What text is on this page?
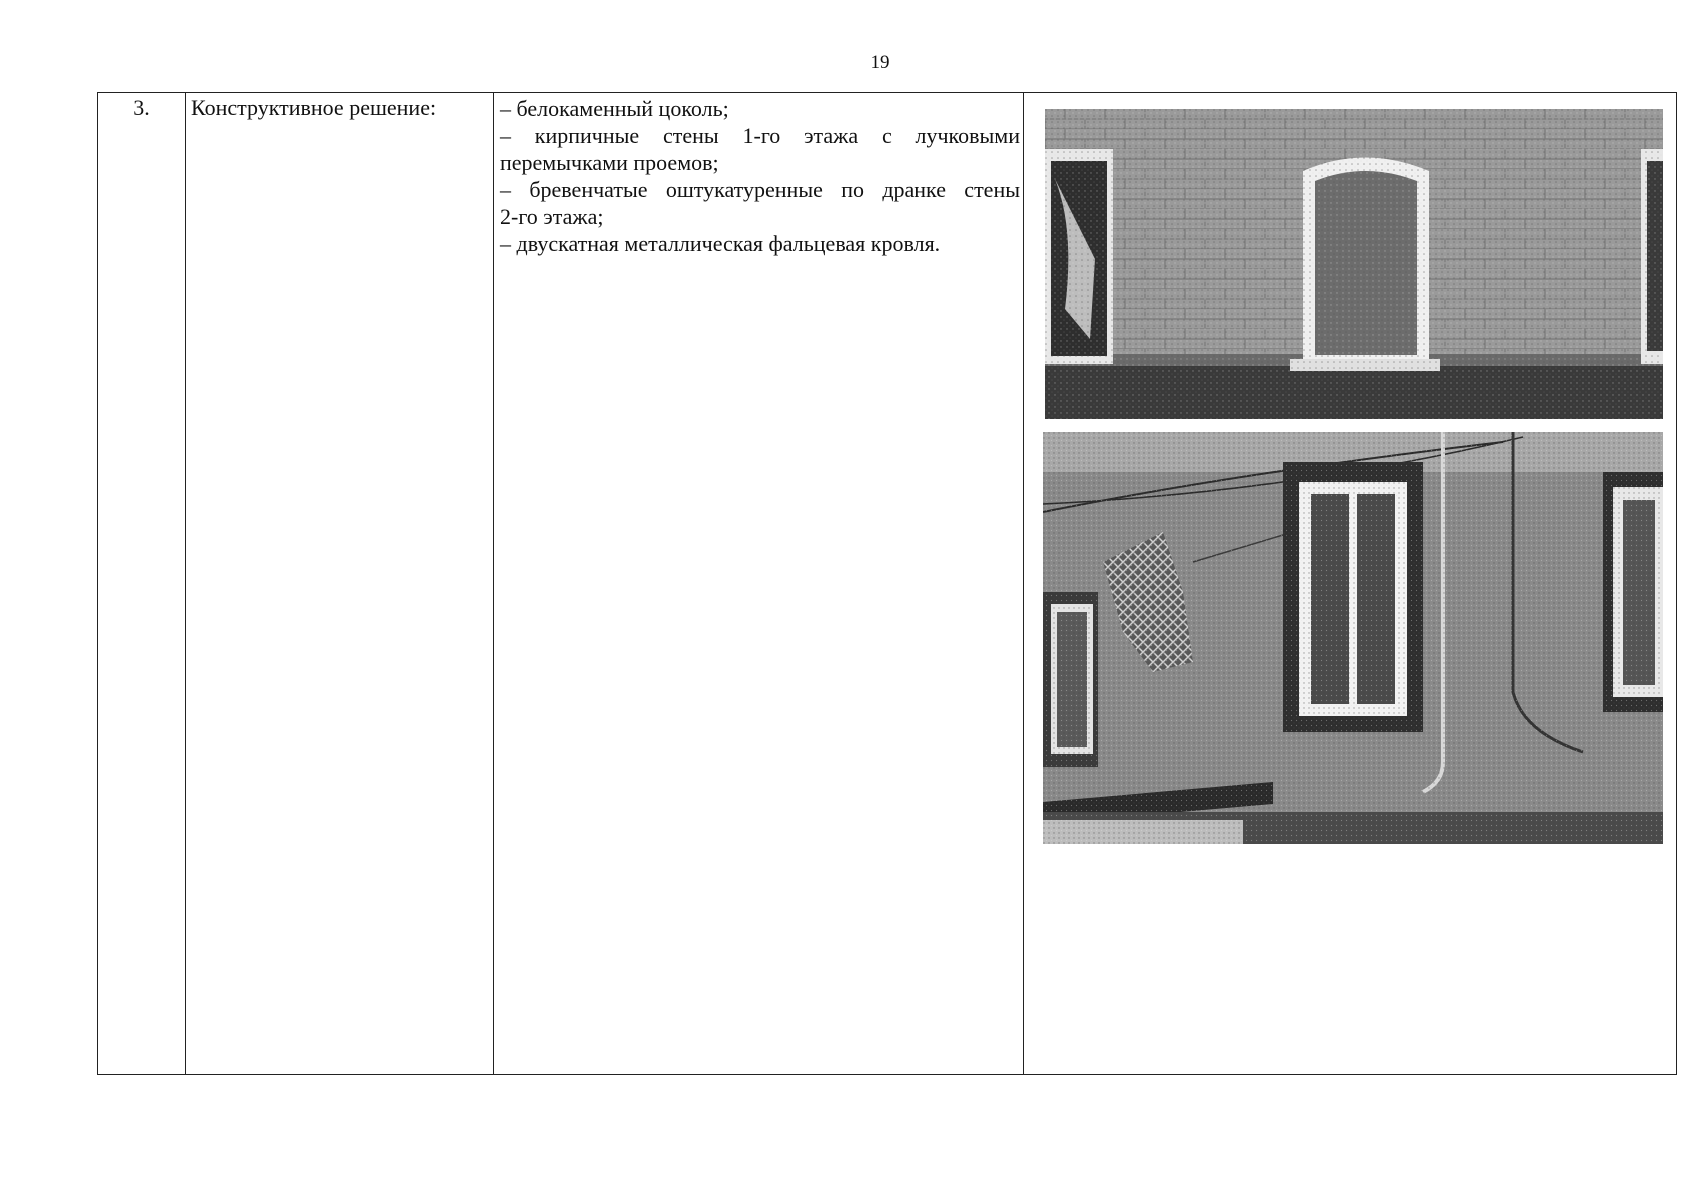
19
3.	Конструктивное решение:	– белокаменный цоколь;
– кирпичные стены 1-го этажа с лучковыми
перемычками проемов;
– бревенчатые оштукатуренные по дранке стены
2-го этажа;
– двускатная металлическая фальцевая кровля.
